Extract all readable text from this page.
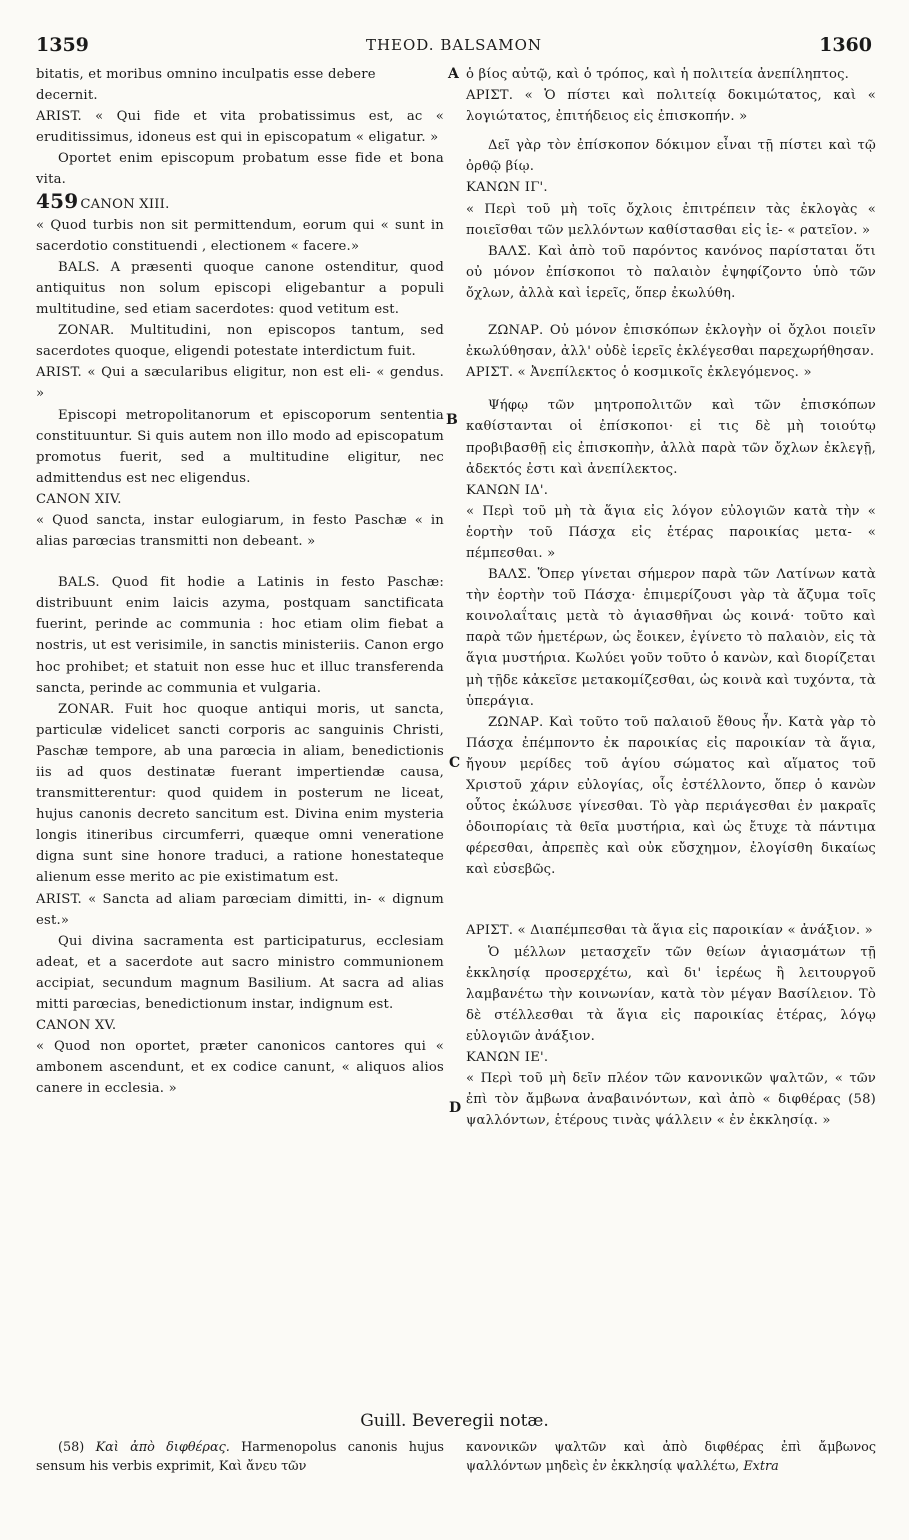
1359	THEOD. BALSAMON	1360
A
B
C
D

bitatis, et moribus omnino inculpatis esse debere

decernit.

ARIST. « Qui fide et vita probatissimus est, ac « eruditissimus, idoneus est qui in episcopatum « eligatur. »

Oportet enim episcopum probatum esse fide et bona vita.

459 CANON XIII.

« Quod turbis non sit permittendum, eorum qui « sunt in sacerdotio constituendi , electionem « facere.»

BALS. A præsenti quoque canone ostenditur, quod antiquitus non solum episcopi eligebantur a populi multitudine, sed etiam sacerdotes: quod vetitum est.

ZONAR. Multitudini, non episcopos tantum, sed sacerdotes quoque, eligendi potestate interdictum fuit.

ARIST. « Qui a sæcularibus eligitur, non est eli- « gendus. »

Episcopi metropolitanorum et episcoporum sententia constituuntur. Si quis autem non illo modo ad episcopatum promotus fuerit, sed a multitudine eligitur, nec admittendus est nec eligendus.

CANON XIV.

« Quod sancta, instar eulogiarum, in festo Paschæ « in alias parœcias transmitti non debeant. »

BALS. Quod fit hodie a Latinis in festo Paschæ: distribuunt enim laicis azyma, postquam sanctificata fuerint, perinde ac communia : hoc etiam olim fiebat a nostris, ut est verisimile, in sanctis ministeriis. Canon ergo hoc prohibet; et statuit non esse huc et illuc transferenda sancta, perinde ac communia et vulgaria.

ZONAR. Fuit hoc quoque antiqui moris, ut sancta, particulæ videlicet sancti corporis ac sanguinis Christi, Paschæ tempore, ab una parœcia in aliam, benedictionis iis ad quos destinatæ fuerant impertiendæ causa, transmitterentur: quod quidem in posterum ne liceat, hujus canonis decreto sancitum est. Divina enim mysteria longis itineribus circumferri, quæque omni veneratione digna sunt sine honore traduci, a ratione honestateque alienum esse merito ac pie existimatum est.

ARIST. « Sancta ad aliam parœciam dimitti, in- « dignum est.»

Qui divina sacramenta est participaturus, ecclesiam adeat, et a sacerdote aut sacro ministro communionem accipiat, secundum magnum Basilium. At sacra ad alias mitti parœcias, benedictionum instar, indignum est.

CANON XV.

« Quod non oportet, præter canonicos cantores qui « ambonem ascendunt, et ex codice canunt, « aliquos alios canere in ecclesia. »

ὁ βίος αὐτῷ, καὶ ὁ τρόπος, καὶ ἡ πολιτεία ἀνεπίληπτος.

ΑΡΙΣΤ. « Ὁ πίστει καὶ πολιτείᾳ δοκιμώτατος, καὶ « λογιώτατος, ἐπιτήδειος εἰς ἐπισκοπήν. »

Δεῖ γὰρ τὸν ἐπίσκοπον δόκιμον εἶναι τῇ πίστει καὶ τῷ ὀρθῷ βίῳ.

ΚΑΝΩΝ ΙΓ'.

« Περὶ τοῦ μὴ τοῖς ὄχλοις ἐπιτρέπειν τὰς ἐκλογὰς « ποιεῖσθαι τῶν μελλόντων καθίστασθαι εἰς ἱε- « ρατεῖον. »

ΒΑΛΣ. Καὶ ἀπὸ τοῦ παρόντος κανόνος παρίσταται ὅτι οὐ μόνον ἐπίσκοποι τὸ παλαιὸν ἐψηφίζοντο ὑπὸ τῶν ὄχλων, ἀλλὰ καὶ ἱερεῖς, ὅπερ ἐκωλύθη.

ΖΩΝΑΡ. Οὐ μόνον ἐπισκόπων ἐκλογὴν οἱ ὄχλοι ποιεῖν ἐκωλύθησαν, ἀλλ' οὐδὲ ἱερεῖς ἐκλέγεσθαι παρεχωρήθησαν.

ΑΡΙΣΤ. « Ἀνεπίλεκτος ὁ κοσμικοῖς ἐκλεγόμενος. »

Ψήφῳ τῶν μητροπολιτῶν καὶ τῶν ἐπισκόπων καθίστανται οἱ ἐπίσκοποι· εἰ τις δὲ μὴ τοιούτῳ προβιβασθῇ εἰς ἐπισκοπὴν, ἀλλὰ παρὰ τῶν ὄχλων ἐκλεγῇ, ἀδεκτός ἐστι καὶ ἀνεπίλεκτος.

ΚΑΝΩΝ ΙΔ'.

« Περὶ τοῦ μὴ τὰ ἅγια εἰς λόγον εὐλογιῶν κατὰ τὴν « ἑορτὴν τοῦ Πάσχα εἰς ἑτέρας παροικίας μετα- « πέμπεσθαι. »

ΒΑΛΣ. Ὅπερ γίνεται σήμερον παρὰ τῶν Λατίνων κατὰ τὴν ἑορτὴν τοῦ Πάσχα· ἐπιμερίζουσι γὰρ τὰ ἄζυμα τοῖς κοινολαΐταις μετὰ τὸ ἁγιασθῆναι ὡς κοινά· τοῦτο καὶ παρὰ τῶν ἡμετέρων, ὡς ἔοικεν, ἐγίνετο τὸ παλαιὸν, εἰς τὰ ἅγια μυστήρια. Κωλύει γοῦν τοῦτο ὁ κανὼν, καὶ διορίζεται μὴ τῇδε κἀκεῖσε μετακομίζεσθαι, ὡς κοινὰ καὶ τυχόντα, τὰ ὑπεράγια.

ΖΩΝΑΡ. Καὶ τοῦτο τοῦ παλαιοῦ ἔθους ἦν. Κατὰ γὰρ τὸ Πάσχα ἐπέμποντο ἐκ παροικίας εἰς παροικίαν τὰ ἅγια, ἤγουν μερίδες τοῦ ἁγίου σώματος καὶ αἵματος τοῦ Χριστοῦ χάριν εὐλογίας, οἷς ἐστέλλοντο, ὅπερ ὁ κανὼν οὗτος ἐκώλυσε γίνεσθαι. Τὸ γὰρ περιάγεσθαι ἐν μακραῖς ὁδοιπορίαις τὰ θεῖα μυστήρια, καὶ ὡς ἔτυχε τὰ πάντιμα φέρεσθαι, ἀπρεπὲς καὶ οὐκ εὔσχημον, ἐλογίσθη δικαίως καὶ εὐσεβῶς.

ΑΡΙΣΤ. « Διαπέμπεσθαι τὰ ἅγια εἰς παροικίαν « ἀνάξιον. »

Ὁ μέλλων μετασχεῖν τῶν θείων ἁγιασμάτων τῇ ἐκκλησίᾳ προσερχέτω, καὶ δι' ἱερέως ἢ λειτουργοῦ λαμβανέτω τὴν κοινωνίαν, κατὰ τὸν μέγαν Βασίλειον. Τὸ δὲ στέλλεσθαι τὰ ἅγια εἰς παροικίας ἑτέρας, λόγῳ εὐλογιῶν ἀνάξιον.

ΚΑΝΩΝ ΙΕ'.

« Περὶ τοῦ μὴ δεῖν πλέον τῶν κανονικῶν ψαλτῶν, « τῶν ἐπὶ τὸν ἄμβωνα ἀναβαινόντων, καὶ ἀπὸ « διφθέρας (58) ψαλλόντων, ἑτέρους τινὰς ψάλλειν « ἐν ἐκκλησίᾳ. »

Guill. Beveregii notæ.

(58) Καὶ ἀπὸ διφθέρας. Harmenopolus canonis hujus sensum his verbis exprimit, Καὶ ἄνευ τῶν

κανονικῶν ψαλτῶν καὶ ἀπὸ διφθέρας ἐπὶ ἄμβωνος ψαλλόντων μηδεὶς ἐν ἐκκλησίᾳ ψαλλέτω, Extra
